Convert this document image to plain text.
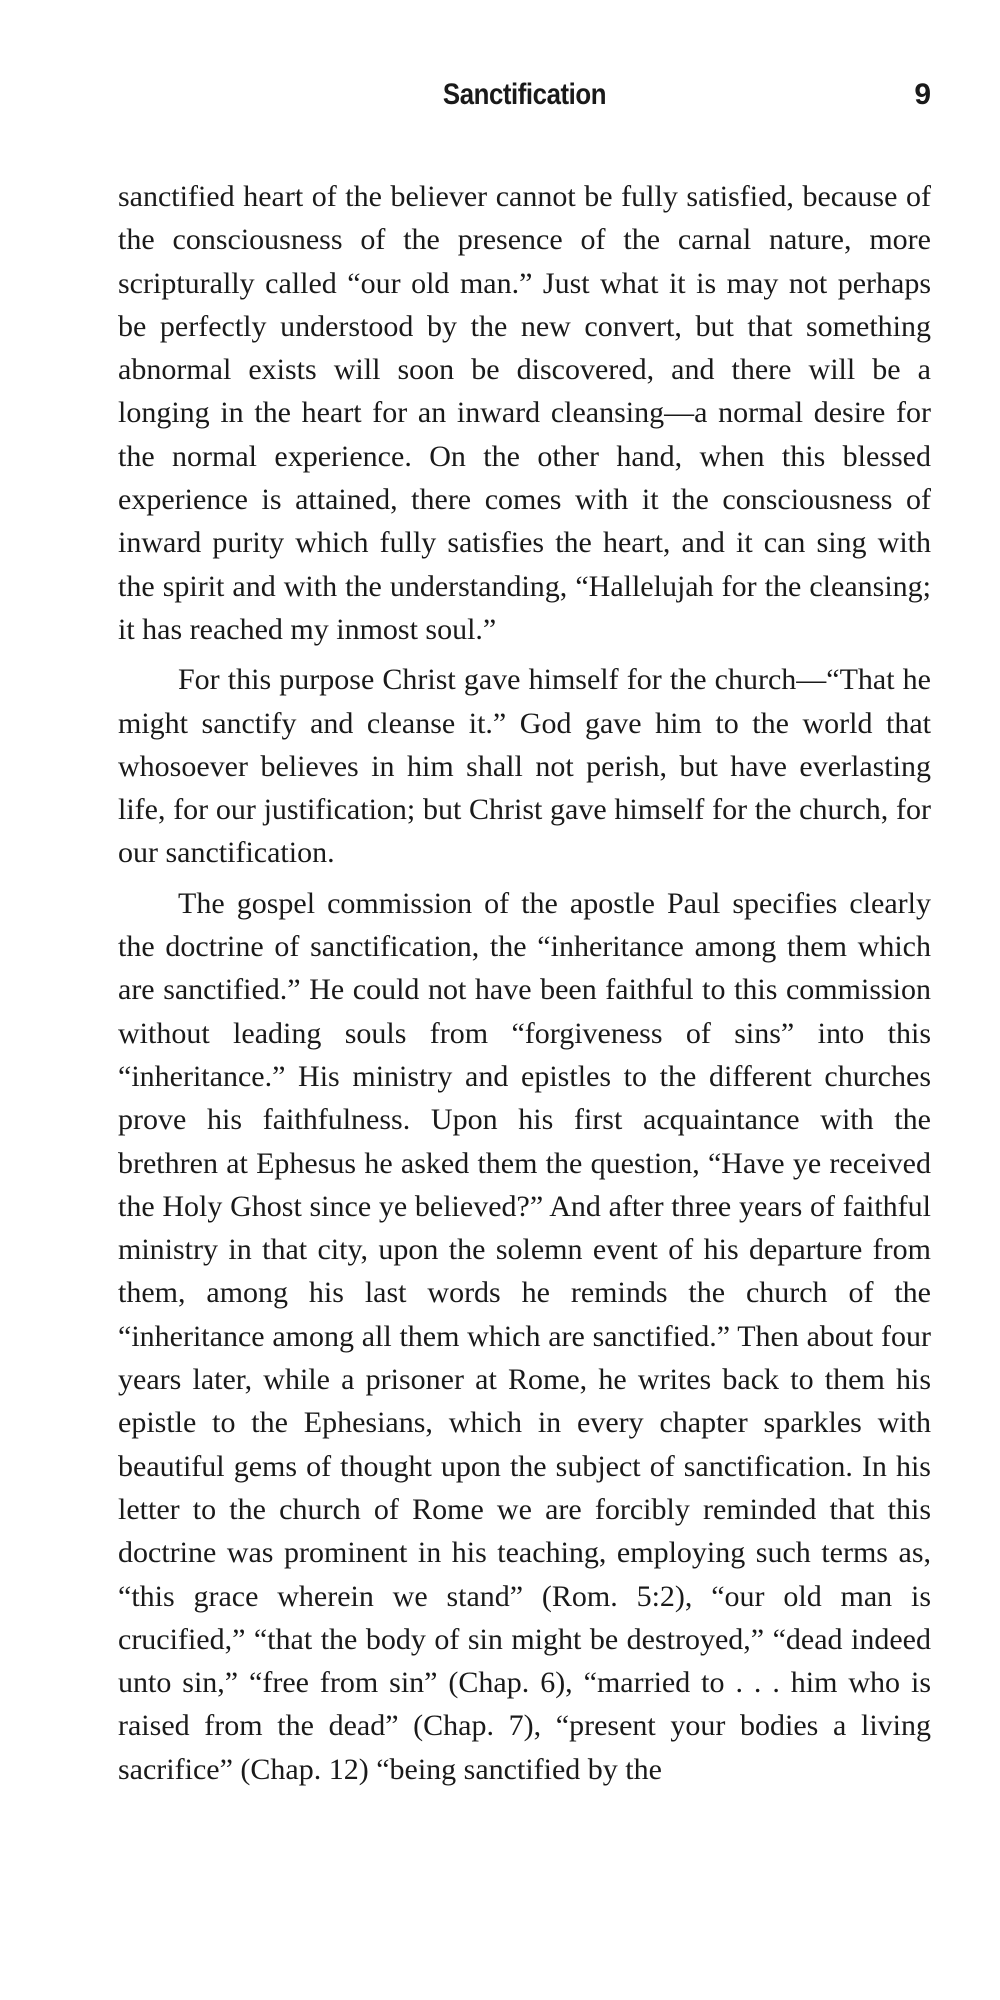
Sanctification	9

sanctified heart of the believer cannot be fully satisfied, because of the consciousness of the presence of the carnal nature, more scripturally called “our old man.” Just what it is may not perhaps be perfectly understood by the new convert, but that something abnormal exists will soon be discovered, and there will be a longing in the heart for an inward cleansing—a normal desire for the normal experience. On the other hand, when this blessed experience is attained, there comes with it the consciousness of inward purity which fully satisfies the heart, and it can sing with the spirit and with the understanding, “Hallelujah for the cleansing; it has reached my inmost soul.”

For this purpose Christ gave himself for the church—“That he might sanctify and cleanse it.” God gave him to the world that whosoever believes in him shall not perish, but have everlasting life, for our justification; but Christ gave himself for the church, for our sanctification.

The gospel commission of the apostle Paul specifies clearly the doctrine of sanctification, the “inheritance among them which are sanctified.” He could not have been faithful to this commission without leading souls from “forgiveness of sins” into this “inheritance.” His ministry and epistles to the different churches prove his faithfulness. Upon his first acquaintance with the brethren at Ephesus he asked them the question, “Have ye received the Holy Ghost since ye believed?” And after three years of faithful ministry in that city, upon the solemn event of his departure from them, among his last words he reminds the church of the “inheritance among all them which are sanctified.” Then about four years later, while a prisoner at Rome, he writes back to them his epistle to the Ephesians, which in every chapter sparkles with beautiful gems of thought upon the subject of sanctification. In his letter to the church of Rome we are forcibly reminded that this doctrine was prominent in his teaching, employing such terms as, “this grace wherein we stand” (Rom. 5:2), “our old man is crucified,” “that the body of sin might be destroyed,” “dead indeed unto sin,” “free from sin” (Chap. 6), “married to . . . him who is raised from the dead” (Chap. 7), “present your bodies a living sacrifice” (Chap. 12) “being sanctified by the
